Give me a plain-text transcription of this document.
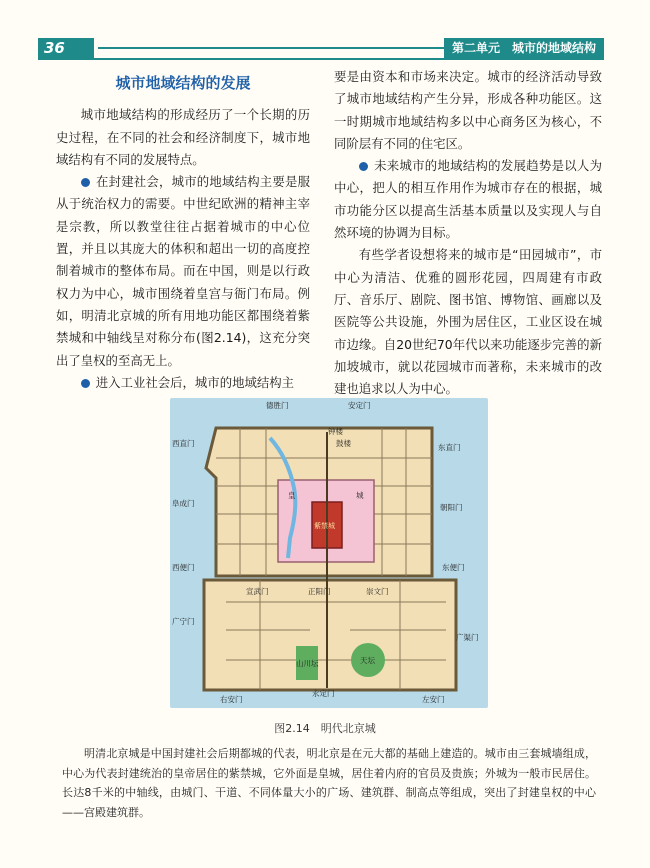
36	第二单元　城市的地域结构
城市地域结构的发展

城市地域结构的形成经历了一个长期的历史过程，在不同的社会和经济制度下，城市地域结构有不同的发展特点。

在封建社会，城市的地域结构主要是服从于统治权力的需要。中世纪欧洲的精神主宰是宗教，所以教堂往往占据着城市的中心位置，并且以其庞大的体积和超出一切的高度控制着城市的整体布局。而在中国，则是以行政权力为中心，城市围绕着皇宫与衙门布局。例如，明清北京城的所有用地功能区都围绕着紫禁城和中轴线呈对称分布(图2.14)，这充分突出了皇权的至高无上。

进入工业社会后，城市的地域结构主

要是由资本和市场来决定。城市的经济活动导致了城市地域结构产生分异，形成各种功能区。这一时期城市地域结构多以中心商务区为核心，不同阶层有不同的住宅区。

未来城市的地域结构的发展趋势是以人为中心，把人的相互作用作为城市存在的根据，城市功能分区以提高生活基本质量以及实现人与自然环境的协调为目标。

有些学者设想将来的城市是“田园城市”，市中心为清洁、优雅的圆形花园，四周建有市政厅、音乐厅、剧院、图书馆、博物馆、画廊以及医院等公共设施，外围为居住区，工业区设在城市边缘。自20世纪70年代以来功能逐步完善的新加坡城市，就以花园城市而著称，未来城市的改建也追求以人为中心。

德胜门	安定门
西直门	东直门
阜成门	朝阳门
西便门	东便门
宣武门	正阳门	崇文门
广宁门
广渠门
右安门
永定门
左安门
钟楼
鼓楼
皇	城
紫禁城
山川坛	天坛
图2.14　明代北京城
明清北京城是中国封建社会后期都城的代表，明北京是在元大都的基础上建造的。城市由三套城墙组成，中心为代表封建统治的皇帝居住的紫禁城，它外面是皇城，居住着内府的官员及贵族；外城为一般市民居住。长达8千米的中轴线，由城门、干道、不同体量大小的广场、建筑群、制高点等组成，突出了封建皇权的中心——宫殿建筑群。
